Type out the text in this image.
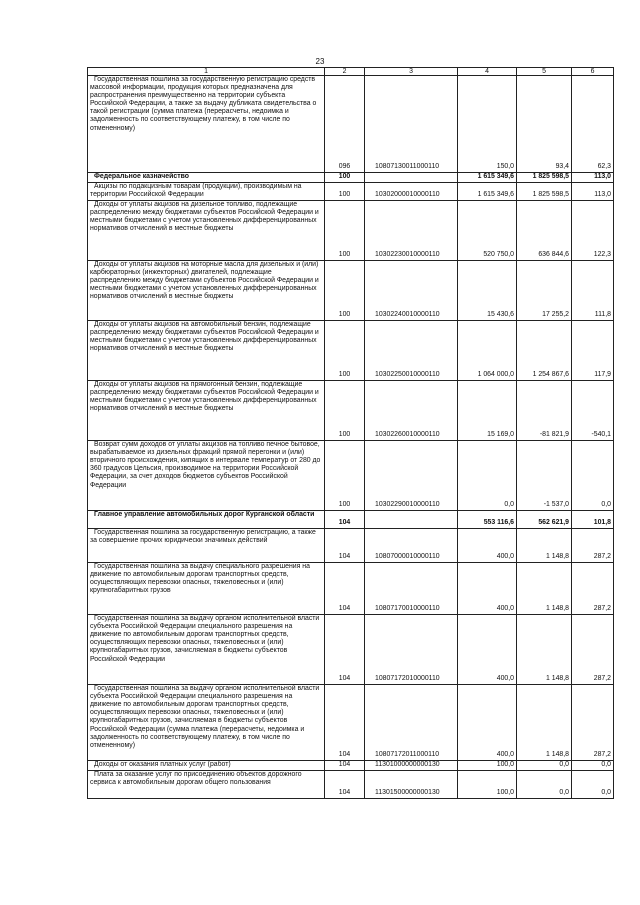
23
1	2	3	4	5	6
Государственная пошлина за государственную регистрацию средств массовой информации, продукция которых предназначена для распространения преимущественно на территории субъекта Российской Федерации, а также за выдачу дубликата свидетельства о такой регистрации (сумма платежа (перерасчеты, недоимка и задолженность по соответствующему платежу, в том числе по отмененному)	096	10807130011000110	150,0	93,4	62,3
Федеральное казначейство	100		1 615 349,6	1 825 598,5	113,0
Акцизы по подакцизным товарам (продукции), производимым на территории Российской Федерации	100	10302000010000110	1 615 349,6	1 825 598,5	113,0
Доходы от уплаты акцизов на дизельное топливо, подлежащие распределению между бюджетами субъектов Российской Федерации и местными бюджетами с учетом установленных дифференцированных нормативов отчислений в местные бюджеты	100	10302230010000110	520 750,0	636 844,6	122,3
Доходы от уплаты акцизов на моторные масла для дизельных и (или) карбюраторных (инжекторных) двигателей, подлежащие распределению между бюджетами субъектов Российской Федерации и местными бюджетами с учетом установленных дифференцированных нормативов отчислений в местные бюджеты	100	10302240010000110	15 430,6	17 255,2	111,8
Доходы от уплаты акцизов на автомобильный бензин, подлежащие распределению между бюджетами субъектов Российской Федерации и местными бюджетами с учетом установленных дифференцированных нормативов отчислений в местные бюджеты	100	10302250010000110	1 064 000,0	1 254 867,6	117,9
Доходы от уплаты акцизов на прямогонный бензин, подлежащие распределению между бюджетами субъектов Российской Федерации и местными бюджетами с учетом установленных дифференцированных нормативов отчислений в местные бюджеты	100	10302260010000110	15 169,0	-81 821,9	-540,1
Возврат сумм доходов от уплаты акцизов на топливо печное бытовое, вырабатываемое из дизельных фракций прямой перегонки и (или) вторичного происхождения, кипящих в интервале температур от 280 до 360 градусов Цельсия, производимое на территории Российской Федерации, за счет доходов бюджетов субъектов Российской Федерации	100	10302290010000110	0,0	-1 537,0	0,0
Главное управление автомобильных дорог Курганской области	104		553 116,6	562 621,9	101,8
Государственная пошлина за государственную регистрацию, а также за совершение прочих юридически значимых действий	104	10807000010000110	400,0	1 148,8	287,2
Государственная пошлина за выдачу специального разрешения на движение по автомобильным дорогам транспортных средств, осуществляющих перевозки опасных, тяжеловесных и (или) крупногабаритных грузов	104	10807170010000110	400,0	1 148,8	287,2
Государственная пошлина за выдачу органом исполнительной власти субъекта Российской Федерации специального разрешения на движение по автомобильным дорогам транспортных средств, осуществляющих перевозки опасных, тяжеловесных и (или) крупногабаритных грузов, зачисляемая в бюджеты субъектов Российской Федерации	104	10807172010000110	400,0	1 148,8	287,2
Государственная пошлина за выдачу органом исполнительной власти субъекта Российской Федерации специального разрешения на движение по автомобильным дорогам транспортных средств, осуществляющих перевозки опасных, тяжеловесных и (или) крупногабаритных грузов, зачисляемая в бюджеты субъектов Российской Федерации (сумма платежа (перерасчеты, недоимка и задолженность по соответствующему платежу, в том числе по отмененному)	104	10807172011000110	400,0	1 148,8	287,2
Доходы от оказания платных услуг (работ)	104	11301000000000130	100,0	0,0	0,0
Плата за оказание услуг по присоединению объектов дорожного сервиса к автомобильным дорогам общего пользования	104	11301500000000130	100,0	0,0	0,0
